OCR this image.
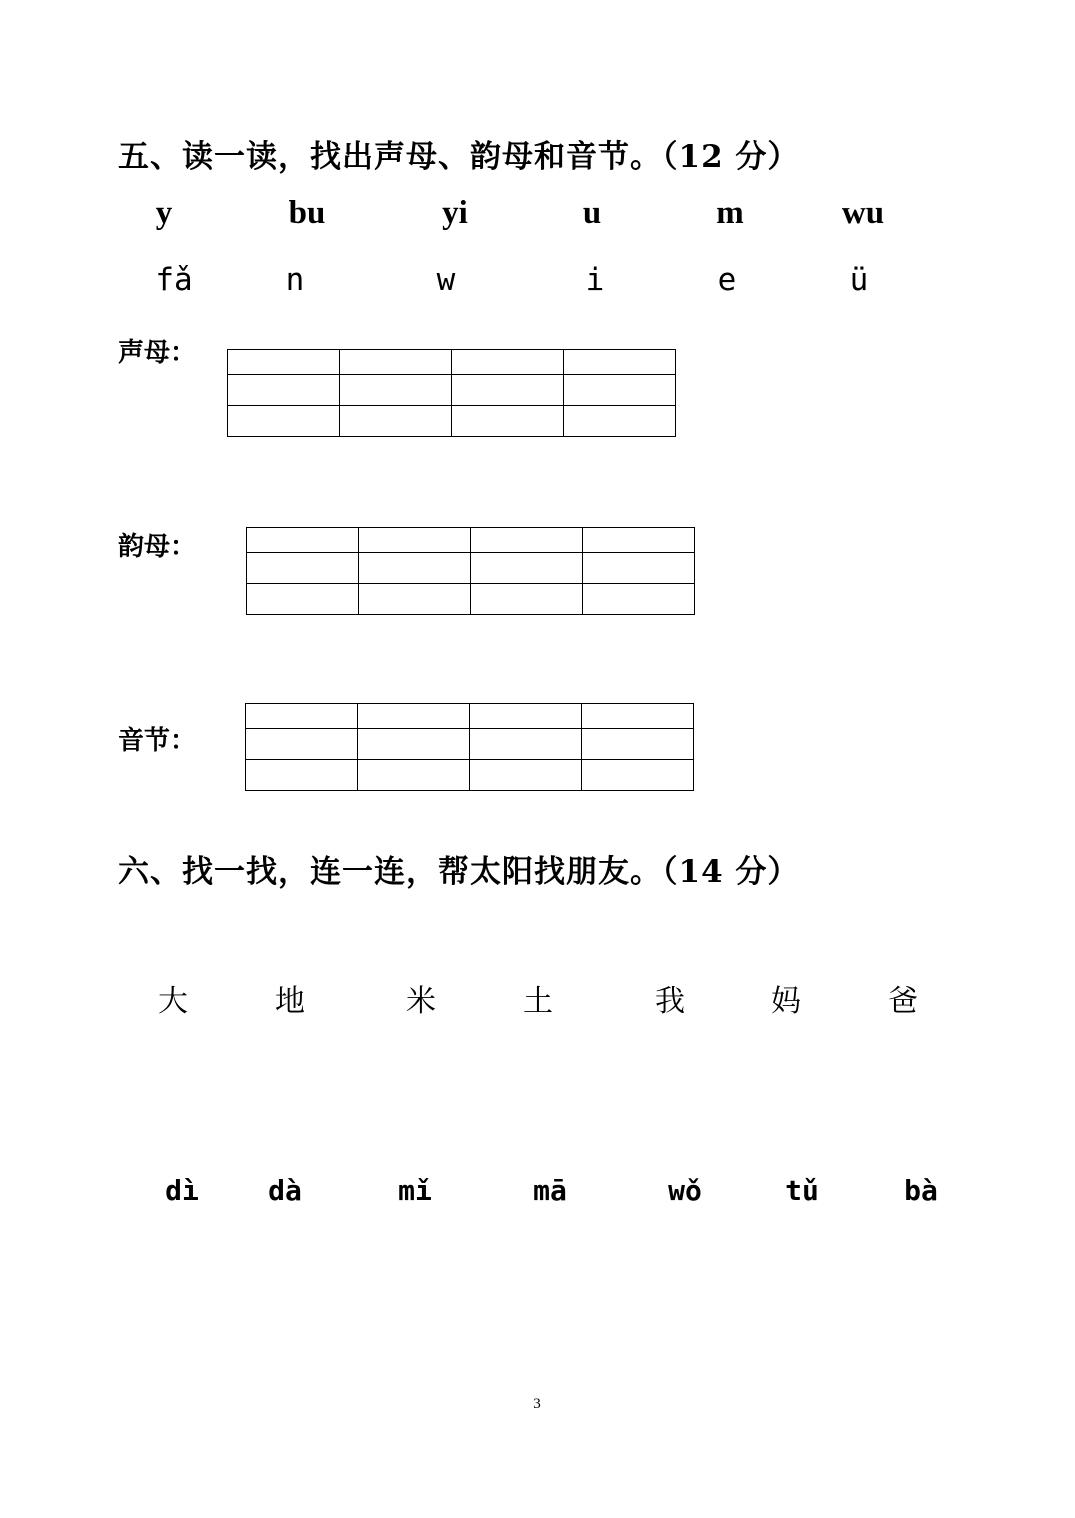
五、读一读，找出声母、韵母和音节。（12 分）
y	bu	yi	u	m	wu
fǎ	n	w	i	e	ü
声母：

韵母：

音节：

六、找一找，连一连，帮太阳找朋友。（14 分）
大	地	米	土	我	妈	爸
dì dà	mǐ	mā	wǒ	tǔ	bà
3
